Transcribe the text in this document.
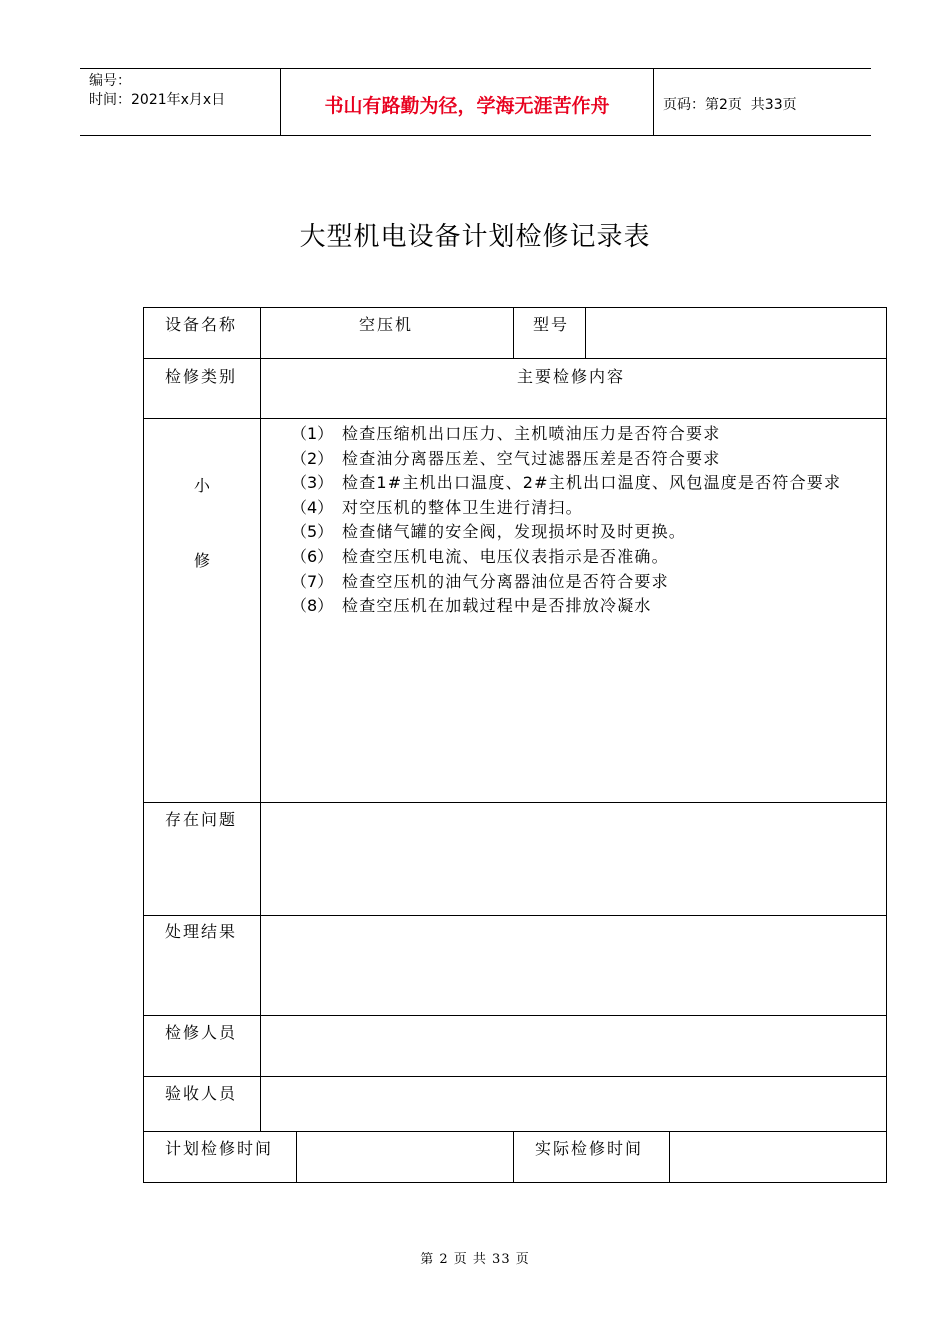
编号：
时间：2021年x月x日	书山有路勤为径，学海无涯苦作舟	页码：第2页  共33页
大型机电设备计划检修记录表
设备名称	空压机	型号
检修类别	主要检修内容
小
修
（1） 检查压缩机出口压力、主机喷油压力是否符合要求
（2） 检查油分离器压差、空气过滤器压差是否符合要求
（3） 检查1#主机出口温度、2#主机出口温度、风包温度是否符合要求
（4） 对空压机的整体卫生进行清扫。
（5） 检查储气罐的安全阀，发现损坏时及时更换。
（6） 检查空压机电流、电压仪表指示是否准确。
（7） 检查空压机的油气分离器油位是否符合要求
（8） 检查空压机在加载过程中是否排放冷凝水
存在问题
处理结果
检修人员
验收人员
计划检修时间	实际检修时间
第 2 页 共 33 页
